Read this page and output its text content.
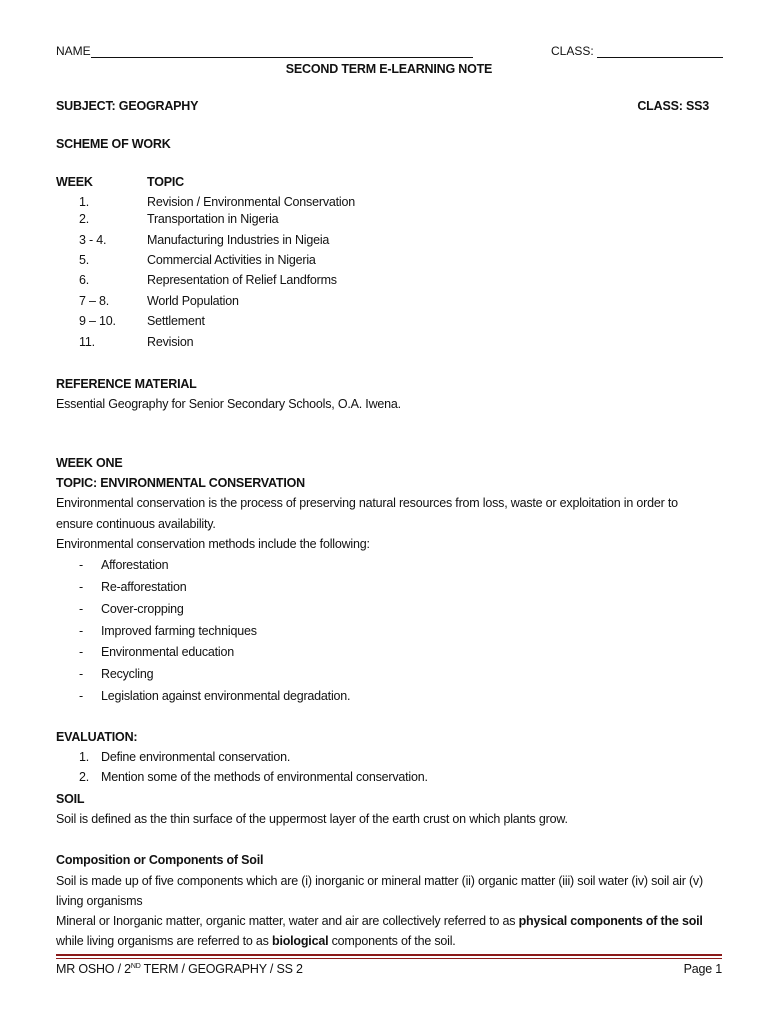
NAME	CLASS:
SECOND TERM E-LEARNING NOTE
SUBJECT: GEOGRAPHY	CLASS: SS3
SCHEME OF WORK
WEEK	TOPIC
1.	Revision / Environmental Conservation
2.	Transportation in Nigeria
3 - 4.	Manufacturing Industries in Nigeia
5.	Commercial Activities in Nigeria
6.	Representation of Relief Landforms
7 – 8.	World Population
9 – 10. Settlement
11.	Revision
REFERENCE MATERIAL
Essential Geography for Senior Secondary Schools, O.A. Iwena.
WEEK ONE
TOPIC: ENVIRONMENTAL CONSERVATION
Environmental conservation is the process of preserving natural resources from loss, waste or exploitation in order to
ensure continuous availability.
Environmental conservation methods include the following:
- Afforestation
- Re-afforestation
- Cover-cropping
- Improved farming techniques
- Environmental education
- Recycling
- Legislation against environmental degradation.
EVALUATION:
1. Define environmental conservation.
2. Mention some of the methods of environmental conservation.
SOIL
Soil is defined as the thin surface of the uppermost layer of the earth crust on which plants grow.
Composition or Components of Soil
Soil is made up of five components which are (i) inorganic or mineral matter (ii) organic matter (iii) soil water (iv) soil air (v)
living organisms
Mineral or Inorganic matter, organic matter, water and air are collectively referred to as physical components of the soil
while living organisms are referred to as biological components of the soil.
MR OSHO / 2ND TERM / GEOGRAPHY / SS 2	Page 1
